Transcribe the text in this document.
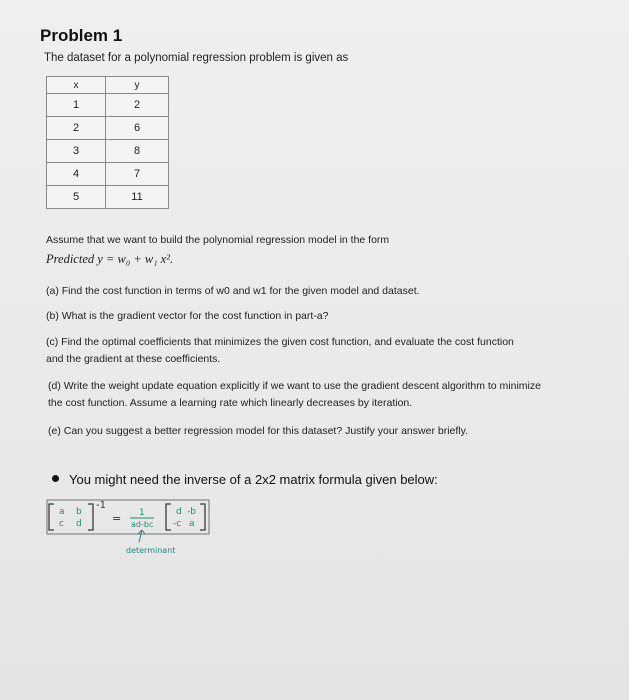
Problem 1
The dataset for a polynomial regression problem is given as
x	y
1	2
2	6
3	8
4	7
5	11
Assume that we want to build the polynomial regression model in the form
Predicted y = w₀ + w₁ x².
(a) Find the cost function in terms of w0 and w1 for the given model and dataset.
(b) What is the gradient vector for the cost function in part-a?
(c) Find the optimal coefficients that minimizes the given cost function, and evaluate the cost function and the gradient at these coefficients.
(d) Write the weight update equation explicitly if we want to use the gradient descent algorithm to minimize the cost function. Assume a learning rate which linearly decreases by iteration.
(e) Can you suggest a better regression model for this dataset? Justify your answer briefly.
You might need the inverse of a 2x2 matrix formula given below:
a b
c d
-1
= 1
ad-bc
d -b
-c a
determinant
